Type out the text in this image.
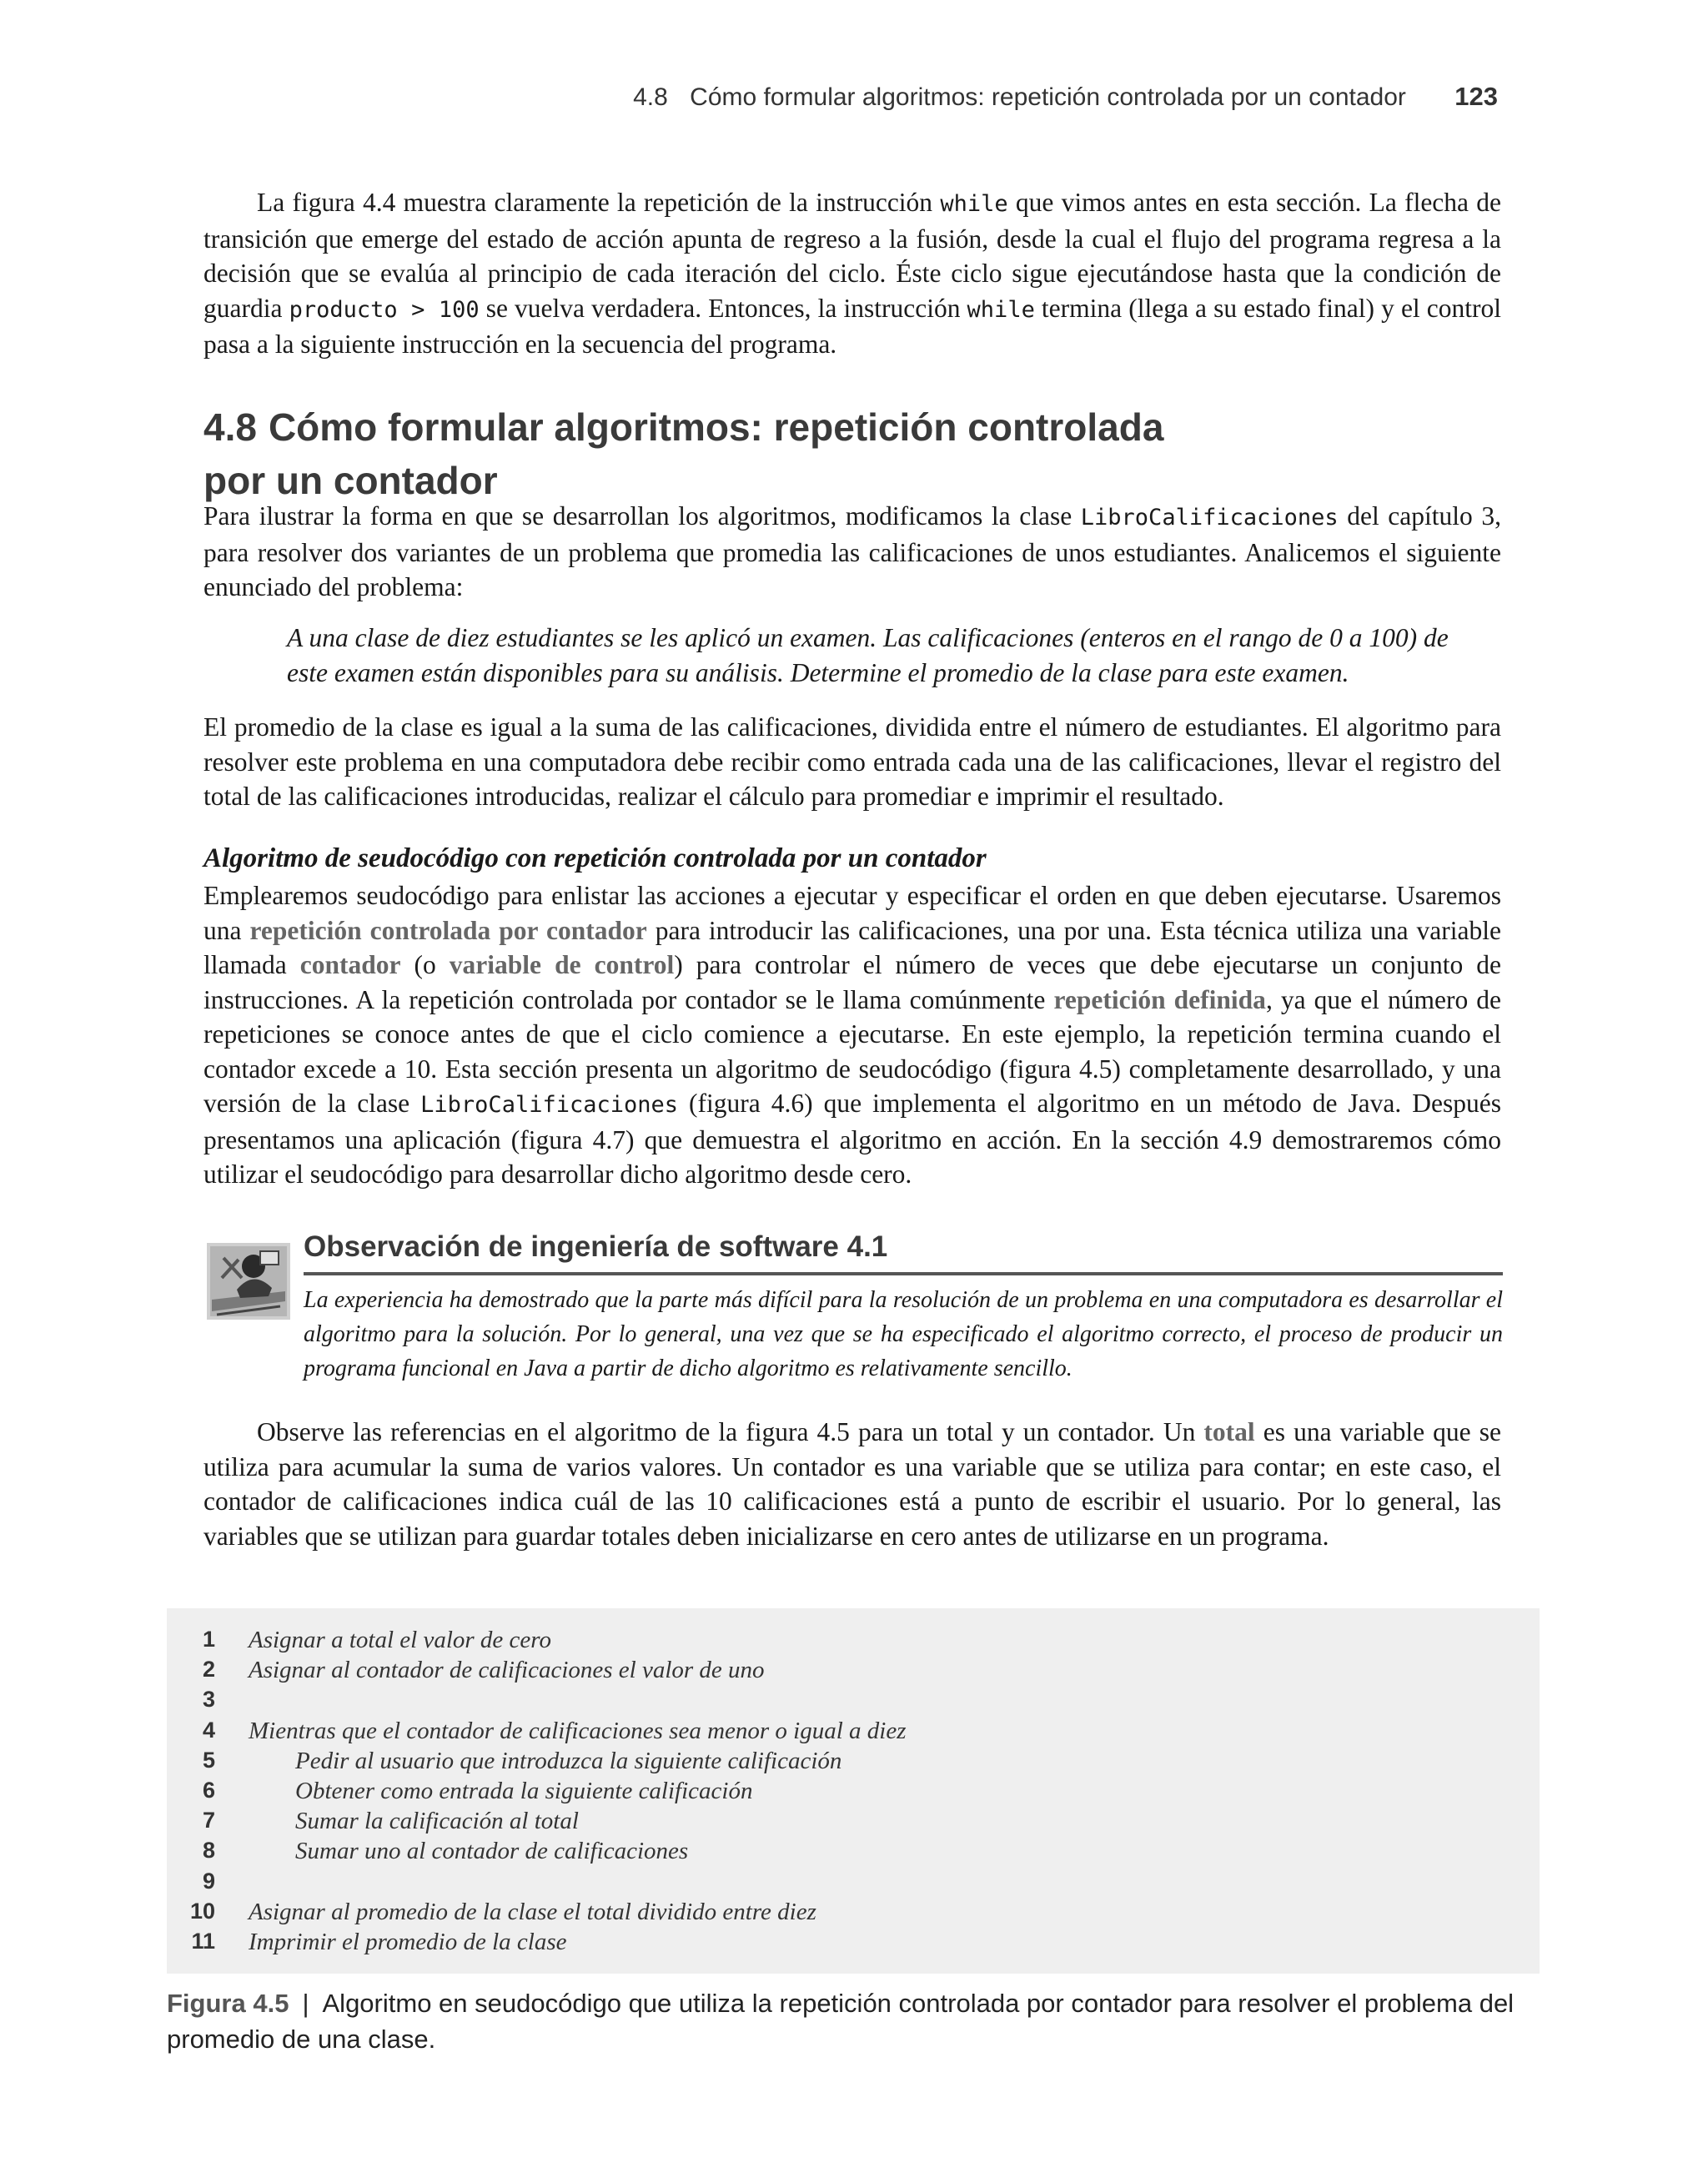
4.8 Cómo formular algoritmos: repetición controlada por un contador 123

La figura 4.4 muestra claramente la repetición de la instrucción while que vimos antes en esta sección. La flecha de transición que emerge del estado de acción apunta de regreso a la fusión, desde la cual el flujo del programa regresa a la decisión que se evalúa al principio de cada iteración del ciclo. Éste ciclo sigue ejecutándose hasta que la condición de guardia producto > 100 se vuelva verdadera. Entonces, la instrucción while termina (llega a su estado final) y el control pasa a la siguiente instrucción en la secuencia del programa.

4.8 Cómo formular algoritmos: repetición controlada
por un contador

Para ilustrar la forma en que se desarrollan los algoritmos, modificamos la clase LibroCalificaciones del capítulo 3, para resolver dos variantes de un problema que promedia las calificaciones de unos estudiantes. Analicemos el siguiente enunciado del problema:

A una clase de diez estudiantes se les aplicó un examen. Las calificaciones (enteros en el rango de 0 a 100) de este examen están disponibles para su análisis. Determine el promedio de la clase para este examen.

El promedio de la clase es igual a la suma de las calificaciones, dividida entre el número de estudiantes. El algoritmo para resolver este problema en una computadora debe recibir como entrada cada una de las calificaciones, llevar el registro del total de las calificaciones introducidas, realizar el cálculo para promediar e imprimir el resultado.

Algoritmo de seudocódigo con repetición controlada por un contador

Emplearemos seudocódigo para enlistar las acciones a ejecutar y especificar el orden en que deben ejecutarse. Usaremos una repetición controlada por contador para introducir las calificaciones, una por una. Esta técnica utiliza una variable llamada contador (o variable de control) para controlar el número de veces que debe ejecutarse un conjunto de instrucciones. A la repetición controlada por contador se le llama comúnmente repetición definida, ya que el número de repeticiones se conoce antes de que el ciclo comience a ejecutarse. En este ejemplo, la repetición termina cuando el contador excede a 10. Esta sección presenta un algoritmo de seudocódigo (figura 4.5) completamente desarrollado, y una versión de la clase LibroCalificaciones (figura 4.6) que implementa el algoritmo en un método de Java. Después presentamos una aplicación (figura 4.7) que demuestra el algoritmo en acción. En la sección 4.9 demostraremos cómo utilizar el seudocódigo para desarrollar dicho algoritmo desde cero.

Observación de ingeniería de software 4.1

La experiencia ha demostrado que la parte más difícil para la resolución de un problema en una computadora es desarrollar el algoritmo para la solución. Por lo general, una vez que se ha especificado el algoritmo correcto, el proceso de producir un programa funcional en Java a partir de dicho algoritmo es relativamente sencillo.

Observe las referencias en el algoritmo de la figura 4.5 para un total y un contador. Un total es una variable que se utiliza para acumular la suma de varios valores. Un contador es una variable que se utiliza para contar; en este caso, el contador de calificaciones indica cuál de las 10 calificaciones está a punto de escribir el usuario. Por lo general, las variables que se utilizan para guardar totales deben inicializarse en cero antes de utilizarse en un programa.

1 Asignar a total el valor de cero
2 Asignar al contador de calificaciones el valor de uno
3
4 Mientras que el contador de calificaciones sea menor o igual a diez
5	Pedir al usuario que introduzca la siguiente calificación
6	Obtener como entrada la siguiente calificación
7	Sumar la calificación al total
8	Sumar uno al contador de calificaciones
9
10 Asignar al promedio de la clase el total dividido entre diez
11 Imprimir el promedio de la clase
Figura 4.5 | Algoritmo en seudocódigo que utiliza la repetición controlada por contador para resolver el problema del promedio de una clase.
